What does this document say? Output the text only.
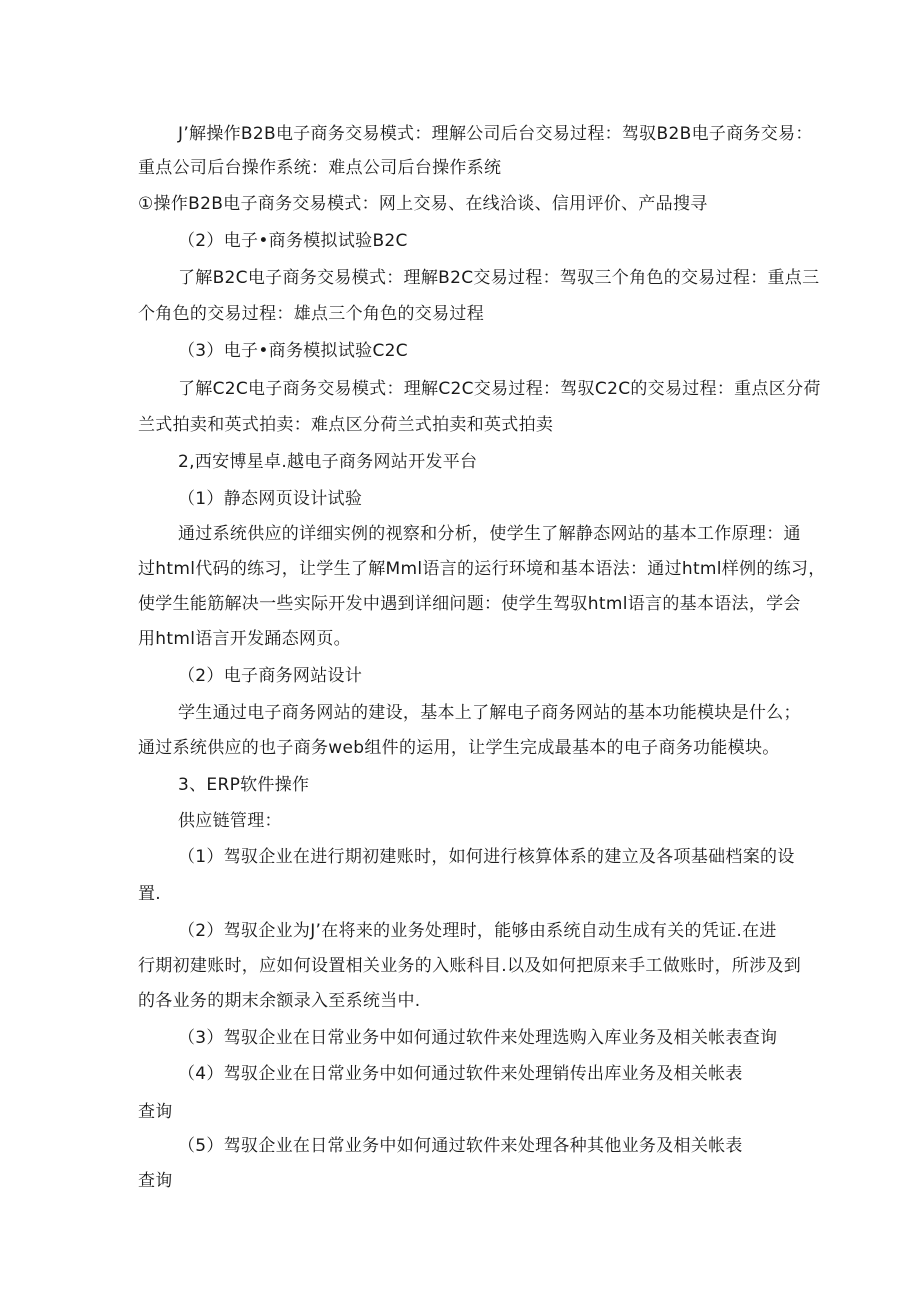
J’解操作B2B电子商务交易模式：理解公司后台交易过程：驾驭B2B电子商务交易：
重点公司后台操作系统：难点公司后台操作系统
①操作B2B电子商务交易模式：网上交易、在线洽谈、信用评价、产品搜寻
（2）电子•商务模拟试验B2C
了解B2C电子商务交易模式：理解B2C交易过程：驾驭三个角色的交易过程：重点三
个角色的交易过程：雄点三个角色的交易过程
（3）电子•商务模拟试验C2C
了解C2C电子商务交易模式：理解C2C交易过程：驾驭C2C的交易过程：重点区分荷
兰式拍卖和英式拍卖：难点区分荷兰式拍卖和英式拍卖
2,西安博星卓.越电子商务网站开发平台
（1）静态网页设计试验
通过系统供应的详细实例的视察和分析，使学生了解静态网站的基本工作原理：通
过html代码的练习，让学生了解Mml语言的运行环境和基本语法：通过html样例的练习，
使学生能筋解决一些实际开发中遇到详细问题：使学生驾驭html语言的基本语法，学会
用html语言开发踊态网页。
（2）电子商务网站设计
学生通过电子商务网站的建设，基本上了解电子商务网站的基本功能模块是什么；
通过系统供应的也子商务web组件的运用，让学生完成最基本的电子商务功能模块。
3、ERP软件操作
供应链管理：
（1）驾驭企业在进行期初建账时，如何进行核算体系的建立及各项基础档案的设
置.
（2）驾驭企业为J’在将来的业务处理时，能够由系统自动生成有关的凭证.在进
行期初建账时，应如何设置相关业务的入账科目.以及如何把原来手工做账时，所涉及到
的各业务的期末余额录入至系统当中.
（3）驾驭企业在日常业务中如何通过软件来处理选购入库业务及相关帐表查询
（4）驾驭企业在日常业务中如何通过软件来处理销传出库业务及相关帐表
查询
（5）驾驭企业在日常业务中如何通过软件来处理各种其他业务及相关帐表
查询
